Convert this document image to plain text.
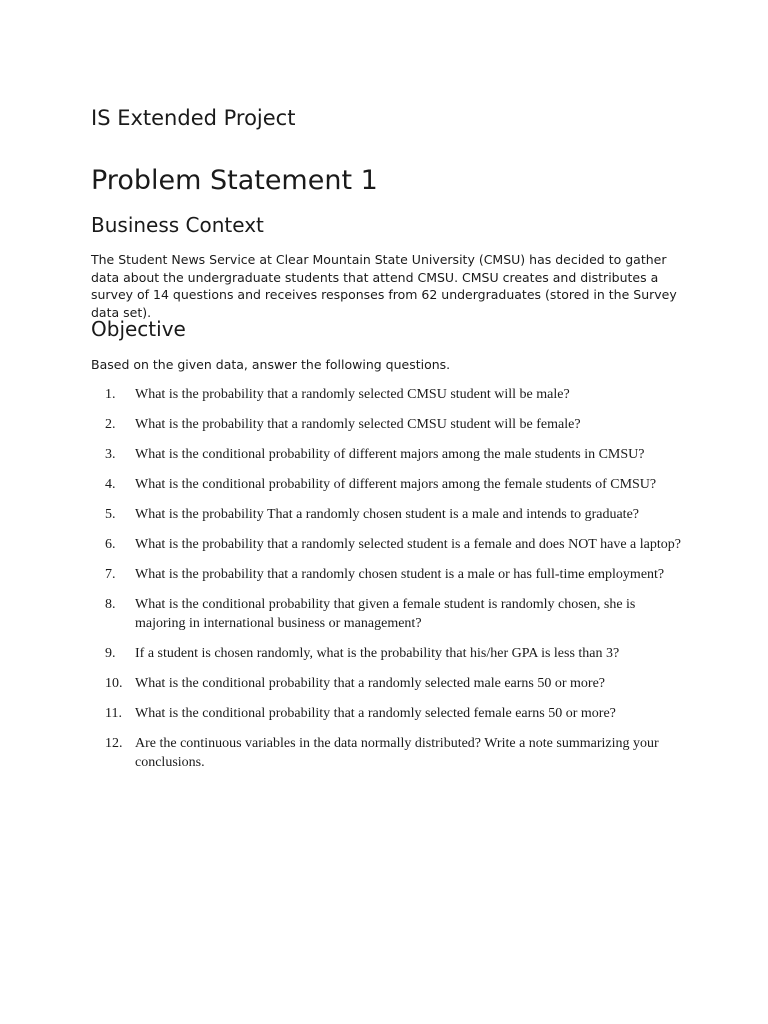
IS Extended Project
Problem Statement 1
Business Context

The Student News Service at Clear Mountain State University (CMSU) has decided to gather data about the undergraduate students that attend CMSU. CMSU creates and distributes a survey of 14 questions and receives responses from 62 undergraduates (stored in the Survey data set).

Objective

Based on the given data, answer the following questions.

1.	What is the probability that a randomly selected CMSU student will be male?
2.	What is the probability that a randomly selected CMSU student will be female?
3.	What is the conditional probability of different majors among the male students in CMSU?
4.	What is the conditional probability of different majors among the female students of CMSU?
5.	What is the probability That a randomly chosen student is a male and intends to graduate?
6.	What is the probability that a randomly selected student is a female and does NOT have a laptop?
7.	What is the probability that a randomly chosen student is a male or has full-time employment?
8.	What is the conditional probability that given a female student is randomly chosen, she is majoring in international business or management?
9.	If a student is chosen randomly, what is the probability that his/her GPA is less than 3?
10. What is the conditional probability that a randomly selected male earns 50 or more?
11. What is the conditional probability that a randomly selected female earns 50 or more?
12. Are the continuous variables in the data normally distributed? Write a note summarizing your conclusions.
